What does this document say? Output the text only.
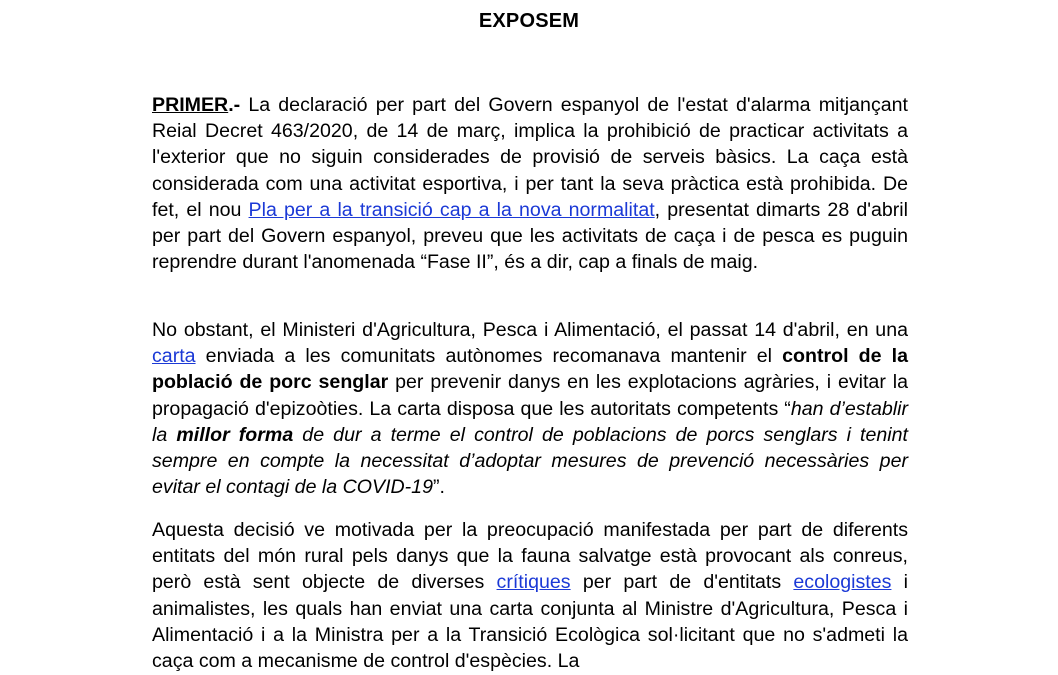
EXPOSEM

PRIMER.- La declaració per part del Govern espanyol de l'estat d'alarma mitjançant Reial Decret 463/2020, de 14 de març, implica la prohibició de practicar activitats a l'exterior que no siguin considerades de provisió de serveis bàsics. La caça està considerada com una activitat esportiva, i per tant la seva pràctica està prohibida. De fet, el nou Pla per a la transició cap a la nova normalitat, presentat dimarts 28 d'abril per part del Govern espanyol, preveu que les activitats de caça i de pesca es puguin reprendre durant l'anomenada “Fase II”, és a dir, cap a finals de maig.

No obstant, el Ministeri d'Agricultura, Pesca i Alimentació, el passat 14 d'abril, en una carta enviada a les comunitats autònomes recomanava mantenir el control de la població de porc senglar per prevenir danys en les explotacions agràries, i evitar la propagació d'epizoòties. La carta disposa que les autoritats competents “han d’establir la millor forma de dur a terme el control de poblacions de porcs senglars i tenint sempre en compte la necessitat d’adoptar mesures de prevenció necessàries per evitar el contagi de la COVID-19”.

Aquesta decisió ve motivada per la preocupació manifestada per part de diferents entitats del món rural pels danys que la fauna salvatge està provocant als conreus, però està sent objecte de diverses crítiques per part de d'entitats ecologistes i animalistes, les quals han enviat una carta conjunta al Ministre d'Agricultura, Pesca i Alimentació i a la Ministra per a la Transició Ecològica sol·licitant que no s'admeti la caça com a mecanisme de control d'espècies. La
